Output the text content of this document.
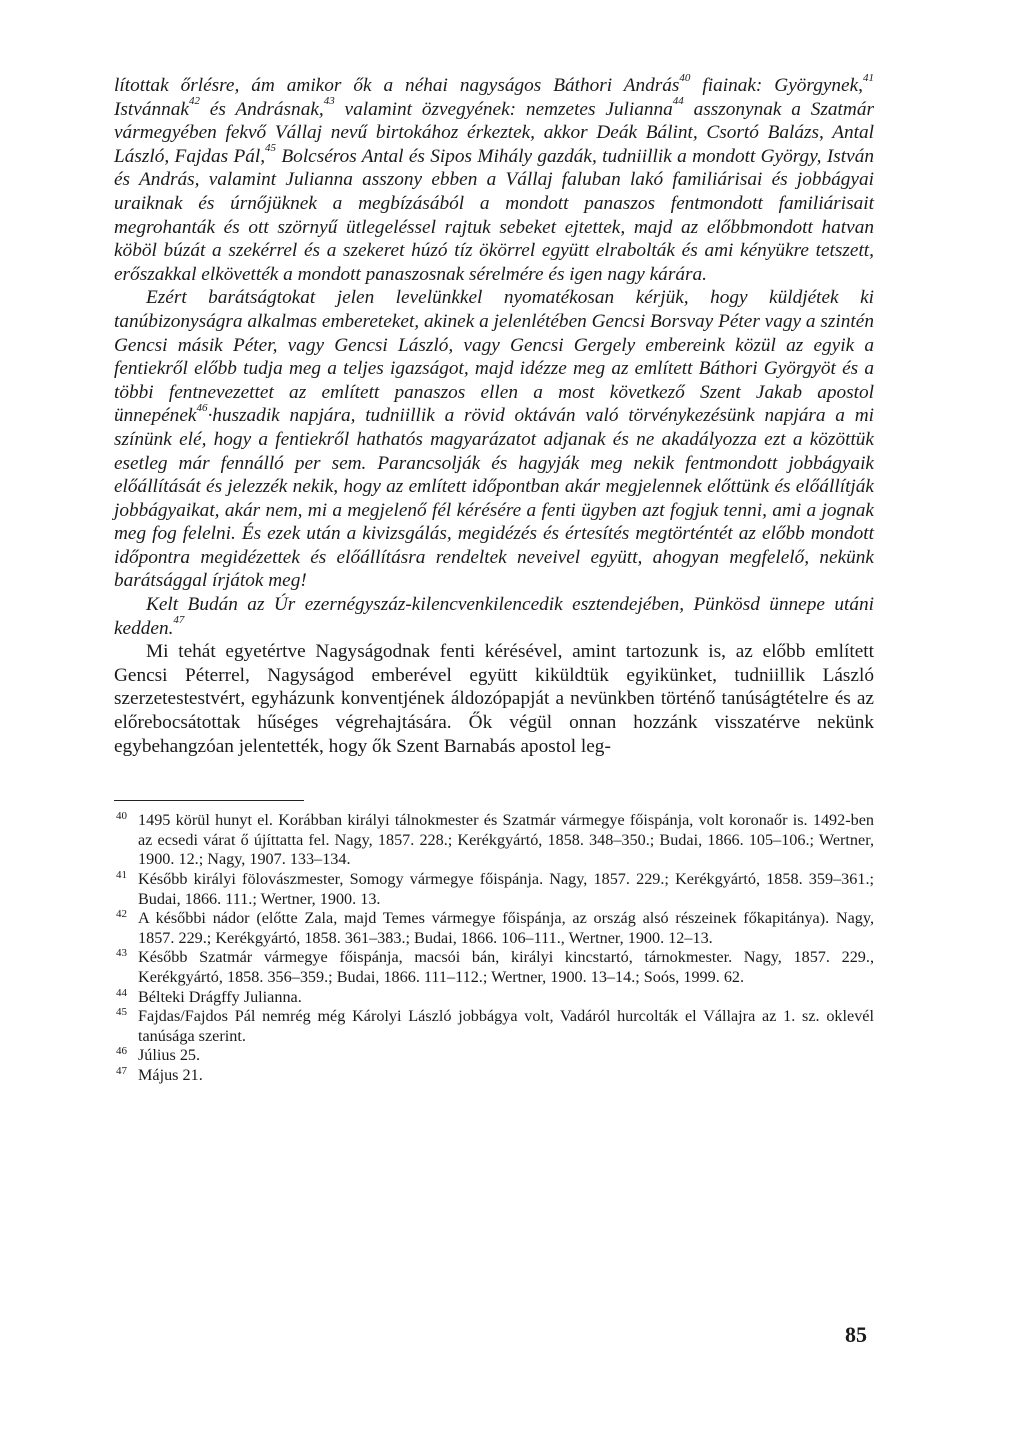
lítottak őrlésre, ám amikor ők a néhai nagyságos Báthori András$^{40}$ fiainak: Györgynek,$^{41}$ Istvánnak$^{42}$ és Andrásnak,$^{43}$ valamint özvegyének: nemzetes Julianna$^{44}$ asszonynak a Szatmár vármegyében fekvő Vállaj nevű birtokához érkeztek, akkor Deák Bálint, Csortó Balázs, Antal László, Fajdas Pál,$^{45}$ Bolcséros Antal és Sipos Mihály gazdák, tudniillik a mondott György, István és András, valamint Julianna asszony ebben a Vállaj faluban lakó familiárisai és jobbágyai uraiknak és úrnőjüknek a megbízásából a mondott panaszos fentmondott familiárisait megrohanták és ott szörnyű ütlegeléssel rajtuk sebeket ejtettek, majd az előbbmondott hatvan köböl búzát a szekérrel és a szekeret húzó tíz ökörrel együtt elrabolták és ami kényükre tetszett, erőszakkal elkövették a mondott panaszosnak sérelmére és igen nagy kárára.

Ezért barátságtokat jelen levelünkkel nyomatékosan kérjük, hogy küldjétek ki tanúbizonyságra alkalmas embereteket, akinek a jelenlétében Gencsi Borsvay Péter vagy a szintén Gencsi másik Péter, vagy Gencsi László, vagy Gencsi Gergely embereink közül az egyik a fentiekről előbb tudja meg a teljes igazságot, majd idézze meg az említett Báthori Györgyöt és a többi fentnevezettet az említett panaszos ellen a most következő Szent Jakab apostol ünnepének$^{46}$·huszadik napjára, tudniillik a rövid oktáván való törvénykezésünk napjára a mi színünk elé, hogy a fentiekről hathatós magyarázatot adjanak és ne akadályozza ezt a közöttük esetleg már fennálló per sem. Parancsolják és hagyják meg nekik fentmondott jobbágyaik előállítását és jelezzék nekik, hogy az említett időpontban akár megjelennek előttünk és előállítják jobbágyaikat, akár nem, mi a megjelenő fél kérésére a fenti ügyben azt fogjuk tenni, ami a jognak meg fog felelni. És ezek után a kivizsgálás, megidézés és értesítés megtörténtét az előbb mondott időpontra megidézettek és előállításra rendeltek neveivel együtt, ahogyan megfelelő, nekünk barátsággal írjátok meg!

Kelt Budán az Úr ezernégyszáz-kilencvenkilencedik esztendejében, Pünkösd ünnepe utáni kedden.$^{47}$

Mi tehát egyetértve Nagyságodnak fenti kérésével, amint tartozunk is, az előbb említett Gencsi Péterrel, Nagyságod emberével együtt kiküldtük egyikünket, tudniillik László szerzetestestvért, egyházunk konventjének áldozópapját a nevünkben történő tanúságtételre és az előrebocsátottak hűséges végrehajtására. Ők végül onnan hozzánk visszatérve nekünk egybehangzóan jelentették, hogy ők Szent Barnabás apostol leg-

40 1495 körül hunyt el. Korábban királyi tálnokmester és Szatmár vármegye főispánja, volt koronaőr is. 1492-ben az ecsedi várat ő újíttatta fel. Nagy, 1857. 228.; Kerékgyártó, 1858. 348–350.; Budai, 1866. 105–106.; Wertner, 1900. 12.; Nagy, 1907. 133–134.
41 Később királyi fölovászmester, Somogy vármegye főispánja. Nagy, 1857. 229.; Kerékgyártó, 1858. 359–361.; Budai, 1866. 111.; Wertner, 1900. 13.
42 A későbbi nádor (előtte Zala, majd Temes vármegye főispánja, az ország alsó részeinek főkapitánya). Nagy, 1857. 229.; Kerékgyártó, 1858. 361–383.; Budai, 1866. 106–111., Wertner, 1900. 12–13.
43 Később Szatmár vármegye főispánja, macsói bán, királyi kincstartó, tárnokmester. Nagy, 1857. 229., Kerékgyártó, 1858. 356–359.; Budai, 1866. 111–112.; Wertner, 1900. 13–14.; Soós, 1999. 62.
44 Bélteki Drágffy Julianna.
45 Fajdas/Fajdos Pál nemrég még Károlyi László jobbágya volt, Vadáról hurcolták el Vállajra az 1. sz. oklevél tanúsága szerint.
46 Július 25.
47 Május 21.
85
